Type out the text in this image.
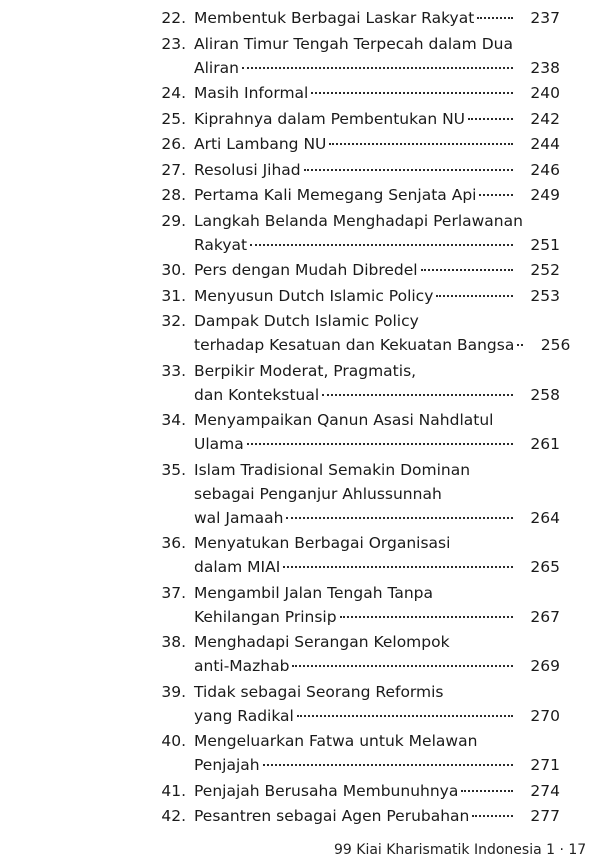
22. Membentuk Berbagai Laskar Rakyat	237
23. Aliran Timur Tengah Terpecah dalam Dua
Aliran	238
24. Masih Informal	240
25. Kiprahnya dalam Pembentukan NU	242
26. Arti Lambang NU	244
27. Resolusi Jihad	246
28. Pertama Kali Memegang Senjata Api	249
29. Langkah Belanda Menghadapi Perlawanan
Rakyat	251
30. Pers dengan Mudah Dibredel	252
31. Menyusun Dutch Islamic Policy	253
32. Dampak Dutch Islamic Policy
terhadap Kesatuan dan Kekuatan Bangsa	256
33. Berpikir Moderat, Pragmatis,
dan Kontekstual	258
34. Menyampaikan Qanun Asasi Nahdlatul
Ulama	261
35. Islam Tradisional Semakin Dominan
sebagai Penganjur Ahlussunnah
wal Jamaah	264
36. Menyatukan Berbagai Organisasi
dalam MIAI	265
37. Mengambil Jalan Tengah Tanpa
Kehilangan Prinsip	267
38. Menghadapi Serangan Kelompok
anti-Mazhab	269
39. Tidak sebagai Seorang Reformis
yang Radikal	270
40. Mengeluarkan Fatwa untuk Melawan
Penjajah	271
41. Penjajah Berusaha Membunuhnya	274
42. Pesantren sebagai Agen Perubahan	277
99 Kiai Kharismatik Indonesia 1 · 17
